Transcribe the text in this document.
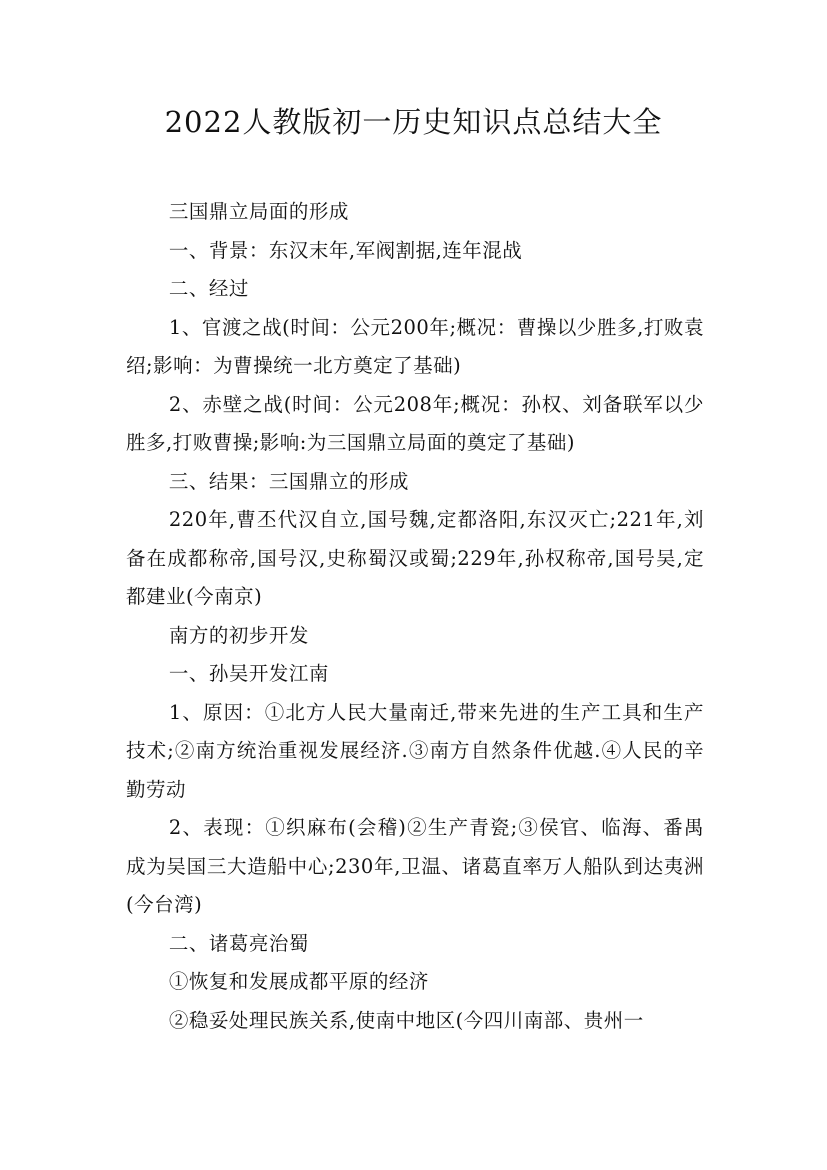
2022人教版初一历史知识点总结大全

三国鼎立局面的形成

一、背景：东汉末年,军阀割据,连年混战

二、经过

1、官渡之战(时间：公元200年;概况：曹操以少胜多,打败袁绍;影响：为曹操统一北方奠定了基础)

2、赤壁之战(时间：公元208年;概况：孙权、刘备联军以少胜多,打败曹操;影响:为三国鼎立局面的奠定了基础)

三、结果：三国鼎立的形成

220年,曹丕代汉自立,国号魏,定都洛阳,东汉灭亡;221年,刘备在成都称帝,国号汉,史称蜀汉或蜀;229年,孙权称帝,国号吴,定都建业(今南京)

南方的初步开发

一、孙吴开发江南

1、原因：①北方人民大量南迁,带来先进的生产工具和生产技术;②南方统治重视发展经济.③南方自然条件优越.④人民的辛勤劳动

2、表现：①织麻布(会稽)②生产青瓷;③侯官、临海、番禺成为吴国三大造船中心;230年,卫温、诸葛直率万人船队到达夷洲(今台湾)

二、诸葛亮治蜀

①恢复和发展成都平原的经济

②稳妥处理民族关系,使南中地区(今四川南部、贵州一
